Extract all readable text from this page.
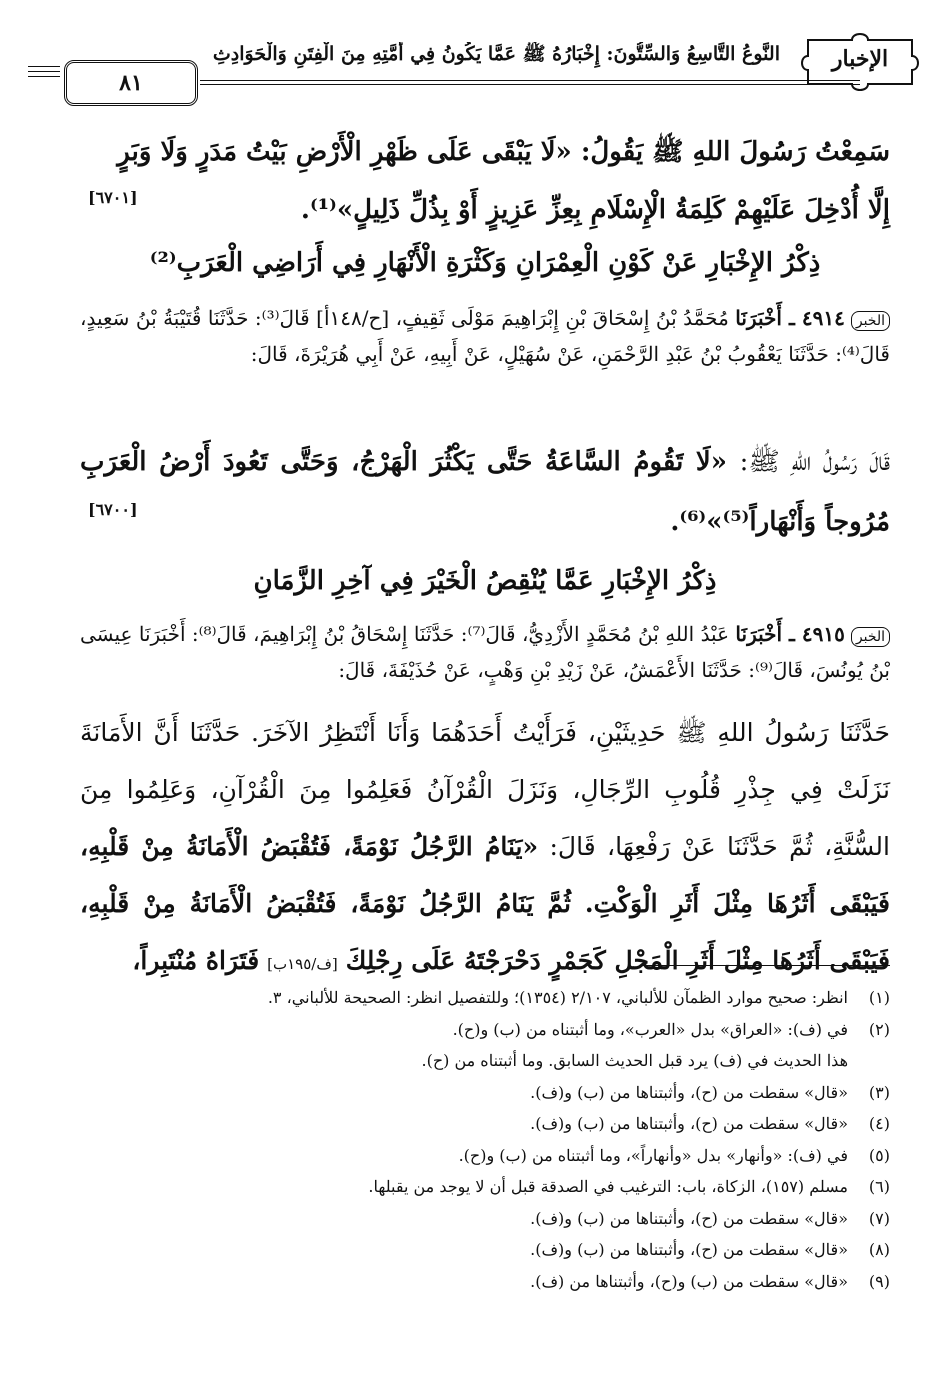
الإخبار
النَّوعُ التَّاسِعُ وَالسِّتُّونَ: إِخْبَارُهُ ﷺ عَمَّا يَكُونُ فِي أُمَّتِهِ مِنَ الْفِتَنِ وَالْحَوَادِثِ
٨١
سَمِعْتُ رَسُولَ اللهِ ﷺ يَقُولُ: «لَا يَبْقَى عَلَى ظَهْرِ الْأَرْضِ بَيْتُ مَدَرٍ وَلَا وَبَرٍ
إِلَّا أُدْخِلَ عَلَيْهِمْ كَلِمَةُ الْإِسْلَامِ بِعِزِّ عَزِيزٍ أَوْ بِذُلِّ ذَلِيلٍ»⁽¹⁾.
[٦٧٠١]
ذِكْرُ الإِخْبَارِ عَنْ كَوْنِ الْعِمْرَانِ وَكَثْرَةِ الْأَنْهَارِ فِي أَرَاضِي الْعَرَبِ⁽²⁾
الخبر٤٩١٤ ـ أَخْبَرَنَا مُحَمَّدُ بْنُ إِسْحَاقَ بْنِ إِبْرَاهِيمَ مَوْلَى ثَقِيفٍ، [ح/١٤٨أ] قَالَ⁽³⁾: حَدَّثَنَا قُتَيْبَةُ بْنُ سَعِيدٍ، قَالَ⁽⁴⁾: حَدَّثَنَا يَعْقُوبُ بْنُ عَبْدِ الرَّحْمَنِ، عَنْ سُهَيْلٍ، عَنْ أَبِيهِ، عَنْ أَبِي هُرَيْرَةَ، قَالَ:
قَالَ رَسُولُ اللهِ ﷺ: «لَا تَقُومُ السَّاعَةُ حَتَّى يَكْثُرَ الْهَرْجُ، وَحَتَّى تَعُودَ أَرْضُ الْعَرَبِ مُرُوجاً وَأَنْهَاراً⁽⁵⁾»⁽⁶⁾.
[٦٧٠٠]
ذِكْرُ الإِخْبَارِ عَمَّا يُنْقِصُ الْخَيْرَ فِي آخِرِ الزَّمَانِ
الخبر٤٩١٥ ـ أَخْبَرَنَا عَبْدُ اللهِ بْنُ مُحَمَّدٍ الأَزْدِيُّ، قَالَ⁽⁷⁾: حَدَّثَنَا إِسْحَاقُ بْنُ إِبْرَاهِيمَ، قَالَ⁽⁸⁾: أَخْبَرَنَا عِيسَى بْنُ يُونُسَ، قَالَ⁽⁹⁾: حَدَّثَنَا الأَعْمَشُ، عَنْ زَيْدِ بْنِ وَهْبٍ، عَنْ حُذَيْفَةَ، قَالَ:
حَدَّثَنَا رَسُولُ اللهِ ﷺ حَدِيثَيْنِ، فَرَأَيْتُ أَحَدَهُمَا وَأَنَا أَنْتَظِرُ الآخَرَ. حَدَّثَنَا أَنَّ الأَمَانَةَ نَزَلَتْ فِي جِذْرِ قُلُوبِ الرِّجَالِ، وَنَزَلَ الْقُرْآنُ فَعَلِمُوا مِنَ الْقُرْآنِ، وَعَلِمُوا مِنَ السُّنَّةِ، ثُمَّ حَدَّثَنَا عَنْ رَفْعِهَا، قَالَ: «يَنَامُ الرَّجُلُ نَوْمَةً، فَتُقْبَضُ الْأَمَانَةُ مِنْ قَلْبِهِ، فَيَبْقَى أَثَرُهَا مِثْلَ أَثَرِ الْوَكْتِ. ثُمَّ يَنَامُ الرَّجُلُ نَوْمَةً، فَتُقْبَضُ الْأَمَانَةُ مِنْ قَلْبِهِ، فَيَبْقَى أَثَرُهَا مِثْلَ أَثَرِ الْمَجْلِ كَجَمْرٍ دَحْرَجْتَهُ عَلَى رِجْلِكَ [ف/١٩٥ب] فَتَرَاهُ مُنْتَبِراً،
(١)
انظر: صحيح موارد الظمآن للألباني، ٢/١٠٧ (١٣٥٤)؛ وللتفصيل انظر: الصحيحة للألباني، ٣.
(٢)
في (ف): «العراق» بدل «العرب»، وما أثبتناه من (ب) و(ح).
هذا الحديث في (ف) يرد قبل الحديث السابق. وما أثبتناه من (ح).
(٣)
«قال» سقطت من (ح)، وأثبتناها من (ب) و(ف).
(٤)
«قال» سقطت من (ح)، وأثبتناها من (ب) و(ف).
(٥)
في (ف): «وأنهار» بدل «وأنهاراً»، وما أثبتناه من (ب) و(ح).
(٦)
مسلم (١٥٧)، الزكاة، باب: الترغيب في الصدقة قبل أن لا يوجد من يقبلها.
(٧)
«قال» سقطت من (ح)، وأثبتناها من (ب) و(ف).
(٨)
«قال» سقطت من (ح)، وأثبتناها من (ب) و(ف).
(٩)
«قال» سقطت من (ب) و(ح)، وأثبتناها من (ف).
